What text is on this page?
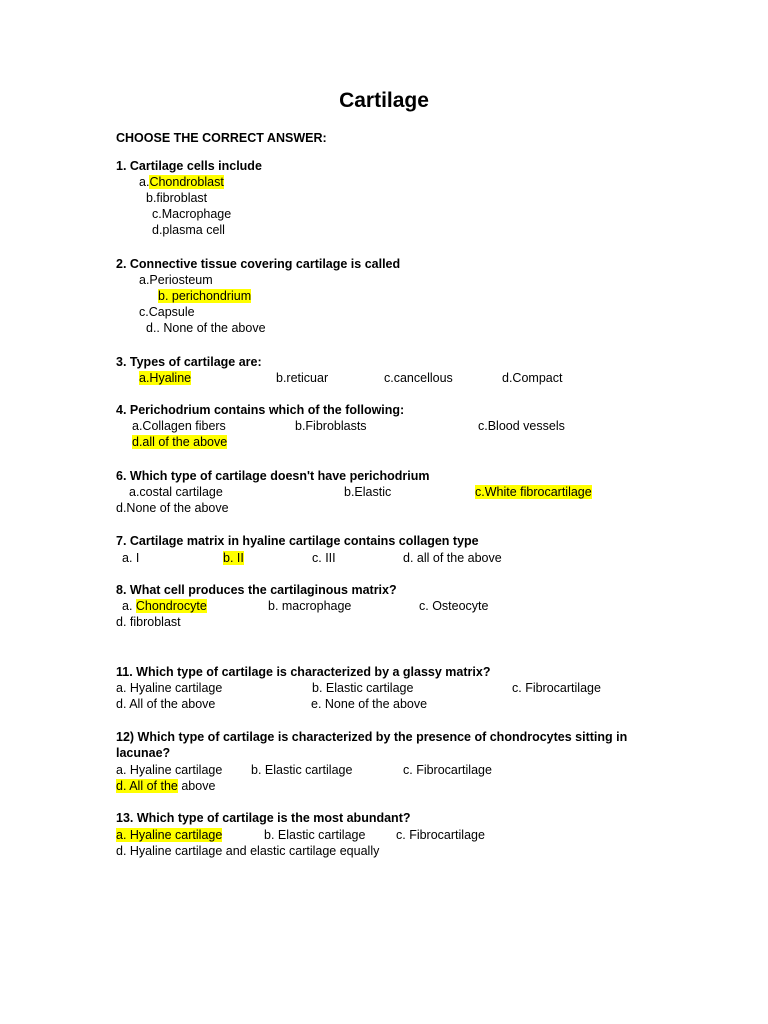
Cartilage
CHOOSE THE CORRECT ANSWER:
1. Cartilage cells include
a.Chondroblast
b.fibroblast
c.Macrophage
d.plasma cell
2. Connective tissue covering cartilage is called
a.Periosteum
b. perichondrium
c.Capsule
d.. None of the above
3. Types of cartilage are:
a.Hyaline	b.reticuar	c.cancellous	d.Compact
4. Perichodrium contains which of the following:
a.Collagen fibers	b.Fibroblasts	c.Blood vessels
d.all of the above
6. Which type of cartilage doesn't have perichodrium
a.costal cartilage	b.Elastic	c.White fibrocartilage
d.None of the above
7. Cartilage matrix in hyaline cartilage contains collagen type
a. I	b. II	c. III	d. all of the above
8. What cell produces the cartilaginous matrix?
a. Chondrocyte	b. macrophage	c. Osteocyte
d. fibroblast
11. Which type of cartilage is characterized by a glassy matrix?
a. Hyaline cartilage	b. Elastic cartilage	c. Fibrocartilage
d. All of the above	e. None of the above
12) Which type of cartilage is characterized by the presence of chondrocytes sitting in
lacunae?
a. Hyaline cartilage b. Elastic cartilage	c. Fibrocartilage
d. All of the above
13. Which type of cartilage is the most abundant?
a. Hyaline cartilage	b. Elastic cartilage c. Fibrocartilage
d. Hyaline cartilage and elastic cartilage equally
